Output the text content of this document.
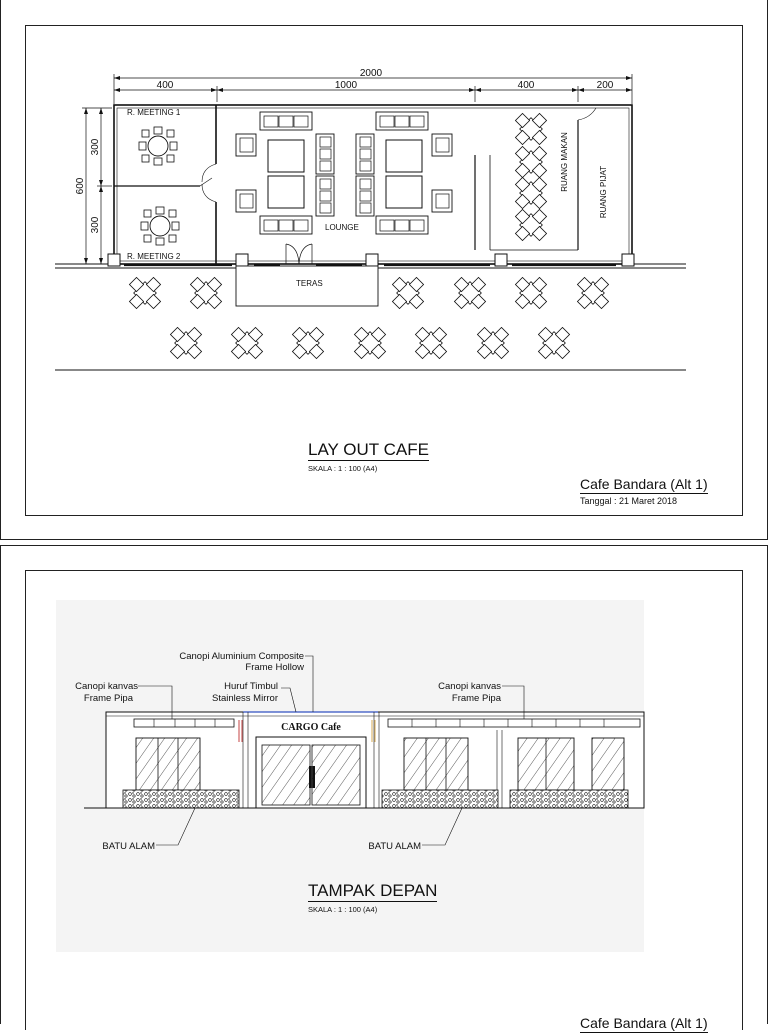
2000
400	1000	400	200
600
300
300
R. MEETING 1
R. MEETING 2
LOUNGE
TERAS
RUANG MAKAN
RUANG PIJAT
LAY OUT CAFE
SKALA : 1 : 100 (A4)
Cafe Bandara (Alt 1)
Tanggal : 21 Maret 2018
CARGO Cafe
Canopi Aluminium Composite
Frame Hollow
Canopi kanvas
Frame Pipa
Huruf Timbul
Stainless Mirror
Canopi kanvas
Frame Pipa
BATU ALAM	BATU ALAM
TAMPAK DEPAN
SKALA : 1 : 100 (A4)
Cafe Bandara (Alt 1)
